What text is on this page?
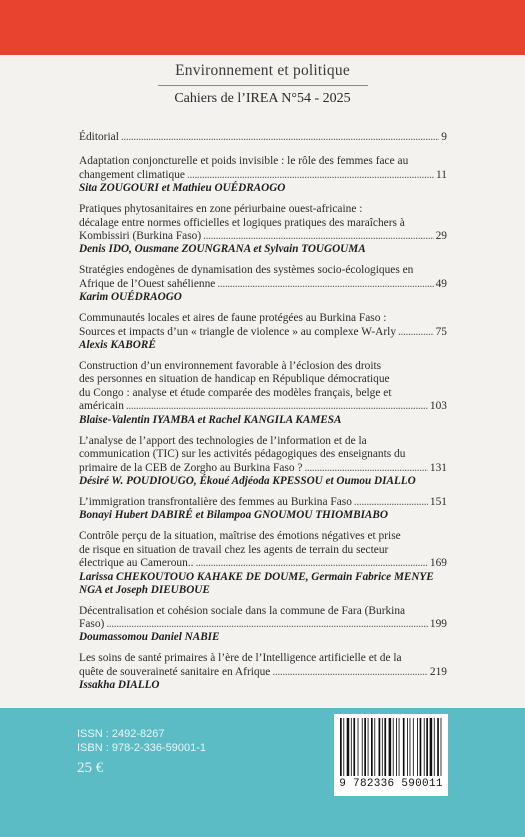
Environnement et politique
Cahiers de l’IREA N°54 - 2025
Éditorial . . .	9
Adaptation conjoncturelle et poids invisible : le rôle des femmes face au
changement climatique . . .	11
Sita ZOUGOURI et Mathieu OUÉDRAOGO
Pratiques phytosanitaires en zone périurbaine ouest-africaine :
décalage entre normes officielles et logiques pratiques des maraîchers à
Kombissiri (Burkina Faso) . . .	29
Denis IDO, Ousmane ZOUNGRANA et Sylvain TOUGOUMA
Stratégies endogènes de dynamisation des systèmes socio-écologiques en
Afrique de l’Ouest sahélienne . . .	49
Karim OUÉDRAOGO
Communautés locales et aires de faune protégées au Burkina Faso :
Sources et impacts d’un « triangle de violence » au complexe W-Arly . . .	75
Alexis KABORÉ
Construction d’un environnement favorable à l’éclosion des droits
des personnes en situation de handicap en République démocratique
du Congo : analyse et étude comparée des modèles français, belge et
américain . . .	103
Blaise-Valentin IYAMBA et Rachel KANGILA KAMESA
L’analyse de l’apport des technologies de l’information et de la
communication (TIC) sur les activités pédagogiques des enseignants du
primaire de la CEB de Zorgho au Burkina Faso ? . . .	131
Désiré W. POUDIOUGO, Ékoué Adjéoda KPESSOU et Oumou DIALLO
L’immigration transfrontalière des femmes au Burkina Faso . . .	151
Bonayi Hubert DABIRÉ et Bilampoa GNOUMOU THIOMBIABO
Contrôle perçu de la situation, maîtrise des émotions négatives et prise
de risque en situation de travail chez les agents de terrain du secteur
électrique au Cameroun.. . . .	169
Larissa CHEKOUTOUO KAHAKE DE DOUME, Germain Fabrice MENYE NGA et Joseph DIEUBOUE
Décentralisation et cohésion sociale dans la commune de Fara (Burkina
Faso) . . .	199
Doumassomou Daniel NABIE
Les soins de santé primaires à l’ère de l’Intelligence artificielle et de la
quête de souveraineté sanitaire en Afrique . . .	219
Issakha DIALLO
ISSN : 2492-8267
ISBN : 978-2-336-59001-1
25 €
9 782336 590011
